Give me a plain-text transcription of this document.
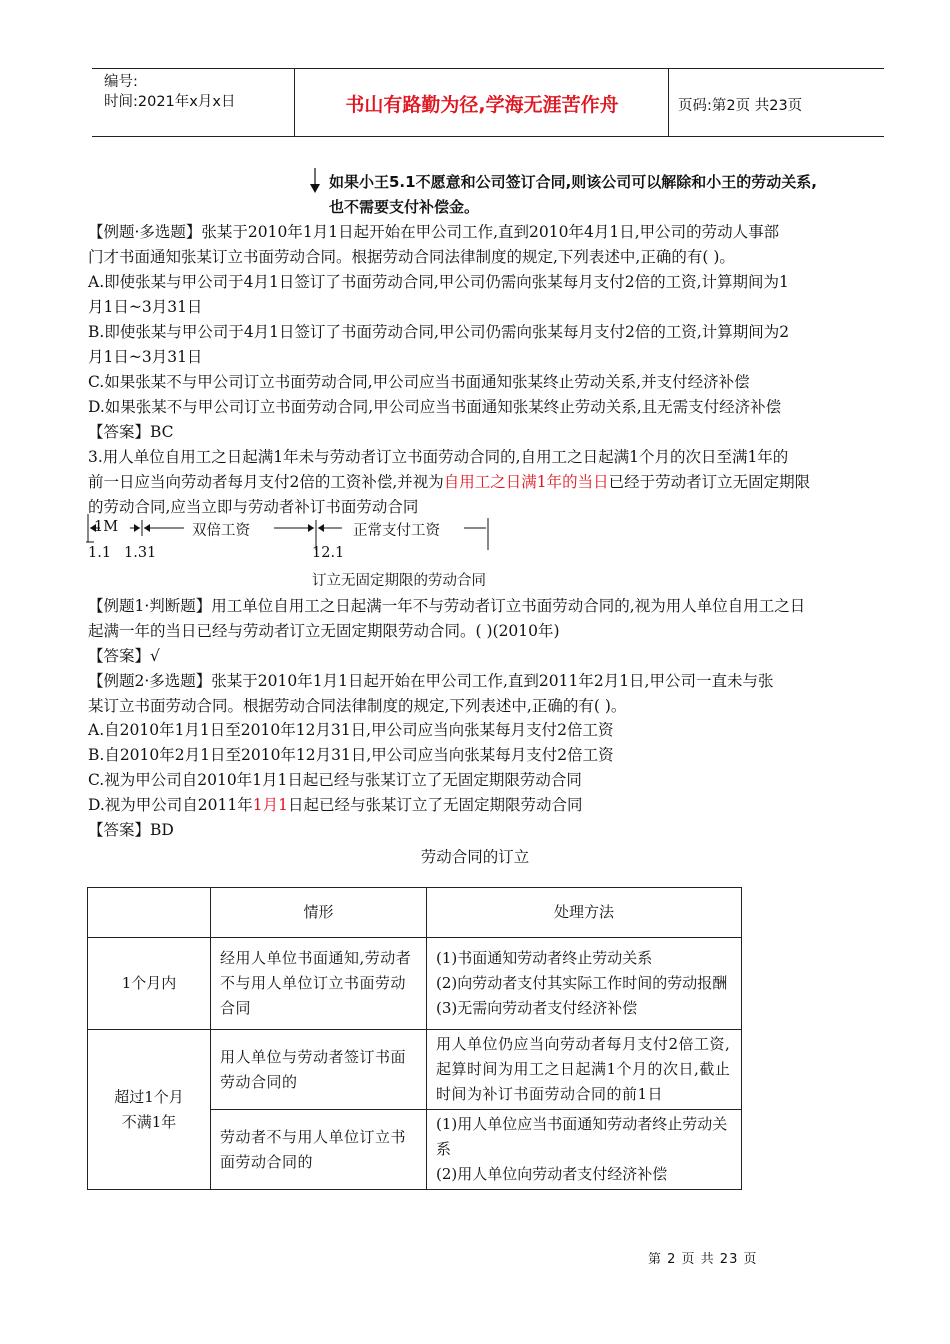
编号:
时间:2021年x月x日	书山有路勤为径,学海无涯苦作舟	页码:第2页 共23页
如果小王5.1不愿意和公司签订合同,则该公司可以解除和小王的劳动关系,
也不需要支付补偿金。
【例题·多选题】张某于2010年1月1日起开始在甲公司工作,直到2010年4月1日,甲公司的劳动人事部
门才书面通知张某订立书面劳动合同。根据劳动合同法律制度的规定,下列表述中,正确的有( )。
A.即使张某与甲公司于4月1日签订了书面劳动合同,甲公司仍需向张某每月支付2倍的工资,计算期间为1
月1日~3月31日
B.即使张某与甲公司于4月1日签订了书面劳动合同,甲公司仍需向张某每月支付2倍的工资,计算期间为2
月1日~3月31日
C.如果张某不与甲公司订立书面劳动合同,甲公司应当书面通知张某终止劳动关系,并支付经济补偿
D.如果张某不与甲公司订立书面劳动合同,甲公司应当书面通知张某终止劳动关系,且无需支付经济补偿
【答案】BC
3.用人单位自用工之日起满1年未与劳动者订立书面劳动合同的,自用工之日起满1个月的次日至满1年的
前一日应当向劳动者每月支付2倍的工资补偿,并视为自用工之日满1年的当日已经于劳动者订立无固定期限
的劳动合同,应当立即与劳动者补订书面劳动合同
1M	双倍工资	正常支付工资
1.1 1.31	12.1
订立无固定期限的劳动合同
【例题1·判断题】用工单位自用工之日起满一年不与劳动者订立书面劳动合同的,视为用人单位自用工之日
起满一年的当日已经与劳动者订立无固定期限劳动合同。( )(2010年)
【答案】√
【例题2·多选题】张某于2010年1月1日起开始在甲公司工作,直到2011年2月1日,甲公司一直未与张
某订立书面劳动合同。根据劳动合同法律制度的规定,下列表述中,正确的有( )。
A.自2010年1月1日至2010年12月31日,甲公司应当向张某每月支付2倍工资
B.自2010年2月1日至2010年12月31日,甲公司应当向张某每月支付2倍工资
C.视为甲公司自2010年1月1日起已经与张某订立了无固定期限劳动合同
D.视为甲公司自2011年1月1日起已经与张某订立了无固定期限劳动合同
【答案】BD
劳动合同的订立
	情形	处理方法
1个月内	经用人单位书面通知,劳动者不与用人单位订立书面劳动合同	(1)书面通知劳动者终止劳动关系
(2)向劳动者支付其实际工作时间的劳动报酬
(3)无需向劳动者支付经济补偿

超过1个月
不满1年	用人单位与劳动者签订书面劳动合同的	用人单位仍应当向劳动者每月支付2倍工资,起算时间为用工之日起满1个月的次日,截止时间为补订书面劳动合同的前1日
	劳动者不与用人单位订立书面劳动合同的	(1)用人单位应当书面通知劳动者终止劳动关系
(2)用人单位向劳动者支付经济补偿
第 2 页 共 23 页
